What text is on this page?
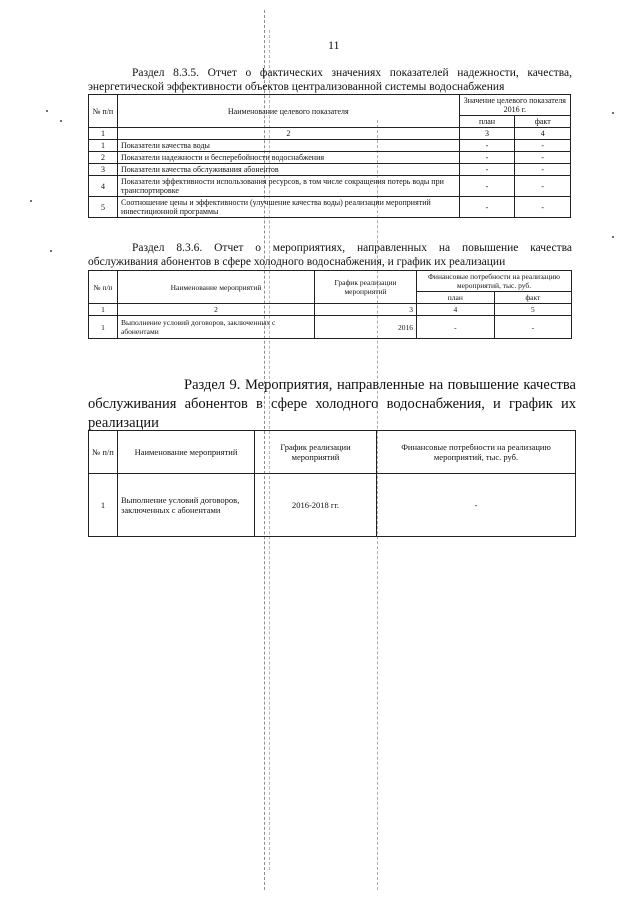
11
Раздел 8.3.5. Отчет о фактических значениях показателей надежности, качества, энергетической эффективности объектов централизованной системы водоснабжения
№ п/п	Наименование целевого показателя	Значение целевого показателя 2016 г.	
		план	факт
1	2	3	4
1	Показатели качества воды	-	-
2	Показатели надежности и бесперебойности водоснабжения	-	-
3	Показатели качества обслуживания абонентов	-	-
4	Показатели эффективности использования ресурсов, в том числе сокращения потерь воды при транспортировке	-	-
5	Соотношение цены и эффективности (улучшение качества воды) реализации мероприятий инвестиционной программы	-	-
Раздел 8.3.6. Отчет о мероприятиях, направленных на повышение качества обслуживания абонентов в сфере холодного водоснабжения, и график их реализации
№ п/п	Наименование мероприятий	График реализации мероприятий	Финансовые потребности на реализацию мероприятий, тыс. руб.	
			план	факт
1	2	3	4	5
1	Выполнение условий договоров, заключенных с абонентами	2016	-	-
Раздел 9. Мероприятия, направленные на повышение качества обслуживания абонентов в сфере холодного водоснабжения, и график их реализации
№ п/п	Наименование мероприятий	График реализации мероприятий	Финансовые потребности на реализацию мероприятий, тыс. руб.
1	Выполнение условий договоров, заключенных с абонентами	2016-2018 гг.	-
